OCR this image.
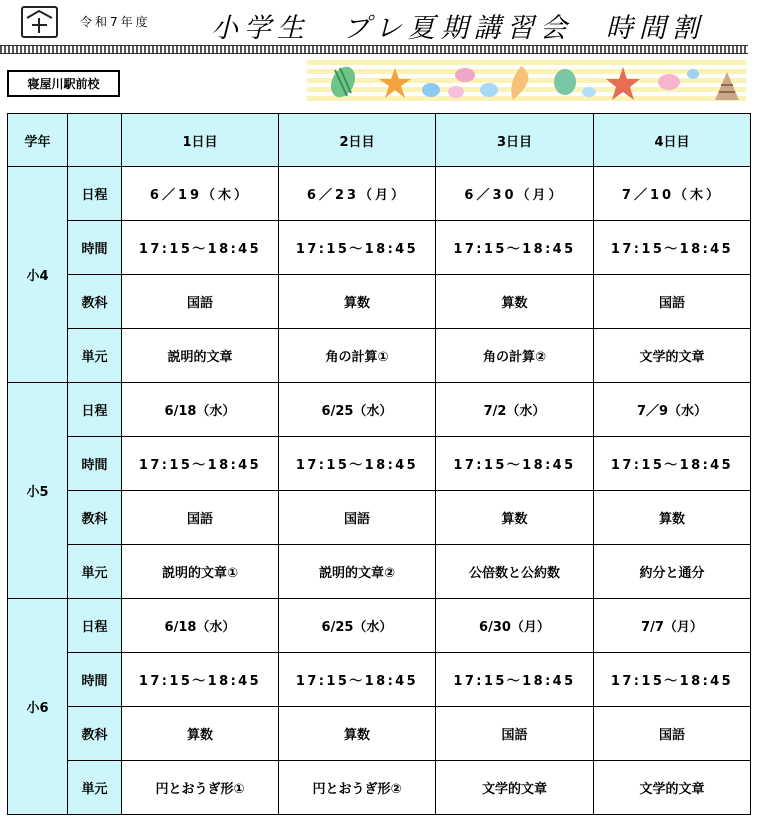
令和7年度 小学生　プレ夏期講習会　時間割
寝屋川駅前校
学年		1日目	2日目	3日目	4日目
小4	日程	6／19（木）	6／23（月）	6／30（月）	7／10（木）
	時間	17:15～18:45	17:15～18:45	17:15～18:45	17:15～18:45
	教科	国語	算数	算数	国語
	単元	説明的文章	角の計算①	角の計算②	文学的文章
小5	日程	6/18（水）	6/25（水）	7/2（水）	7／9（水）
	時間	17:15～18:45	17:15～18:45	17:15～18:45	17:15～18:45
	教科	国語	国語	算数	算数
	単元	説明的文章①	説明的文章②	公倍数と公約数	約分と通分
小6	日程	6/18（水）	6/25（水）	6/30（月）	7/7（月）
	時間	17:15～18:45	17:15～18:45	17:15～18:45	17:15～18:45
	教科	算数	算数	国語	国語
	単元	円とおうぎ形①	円とおうぎ形②	文学的文章	文学的文章
